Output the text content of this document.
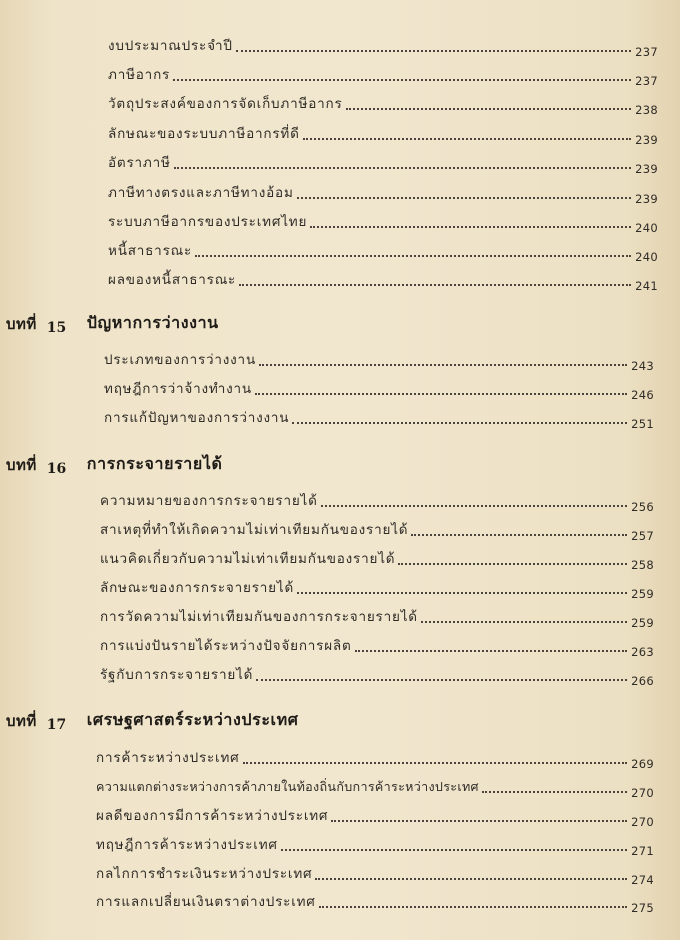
งบประมาณประจำปี	237
ภาษีอากร	237
วัตถุประสงค์ของการจัดเก็บภาษีอากร	238
ลักษณะของระบบภาษีอากรที่ดี	239
อัตราภาษี	239
ภาษีทางตรงและภาษีทางอ้อม	239
ระบบภาษีอากรของประเทศไทย	240
หนี้สาธารณะ	240
ผลของหนี้สาธารณะ	241
บทที่ 15	ปัญหาการว่างงาน
ประเภทของการว่างงาน	243
ทฤษฎีการว่าจ้างทำงาน	246
การแก้ปัญหาของการว่างงาน	251
บทที่ 16	การกระจายรายได้
ความหมายของการกระจายรายได้	256
สาเหตุที่ทำให้เกิดความไม่เท่าเทียมกันของรายได้	257
แนวคิดเกี่ยวกับความไม่เท่าเทียมกันของรายได้	258
ลักษณะของการกระจายรายได้	259
การวัดความไม่เท่าเทียมกันของการกระจายรายได้	259
การแบ่งปันรายได้ระหว่างปัจจัยการผลิต	263
รัฐกับการกระจายรายได้	266
บทที่ 17	เศรษฐศาสตร์ระหว่างประเทศ
การค้าระหว่างประเทศ	269
ความแตกต่างระหว่างการค้าภายในท้องถิ่นกับการค้าระหว่างประเทศ	270
ผลดีของการมีการค้าระหว่างประเทศ	270
ทฤษฎีการค้าระหว่างประเทศ	271
กลไกการชำระเงินระหว่างประเทศ	274
การแลกเปลี่ยนเงินตราต่างประเทศ	275
